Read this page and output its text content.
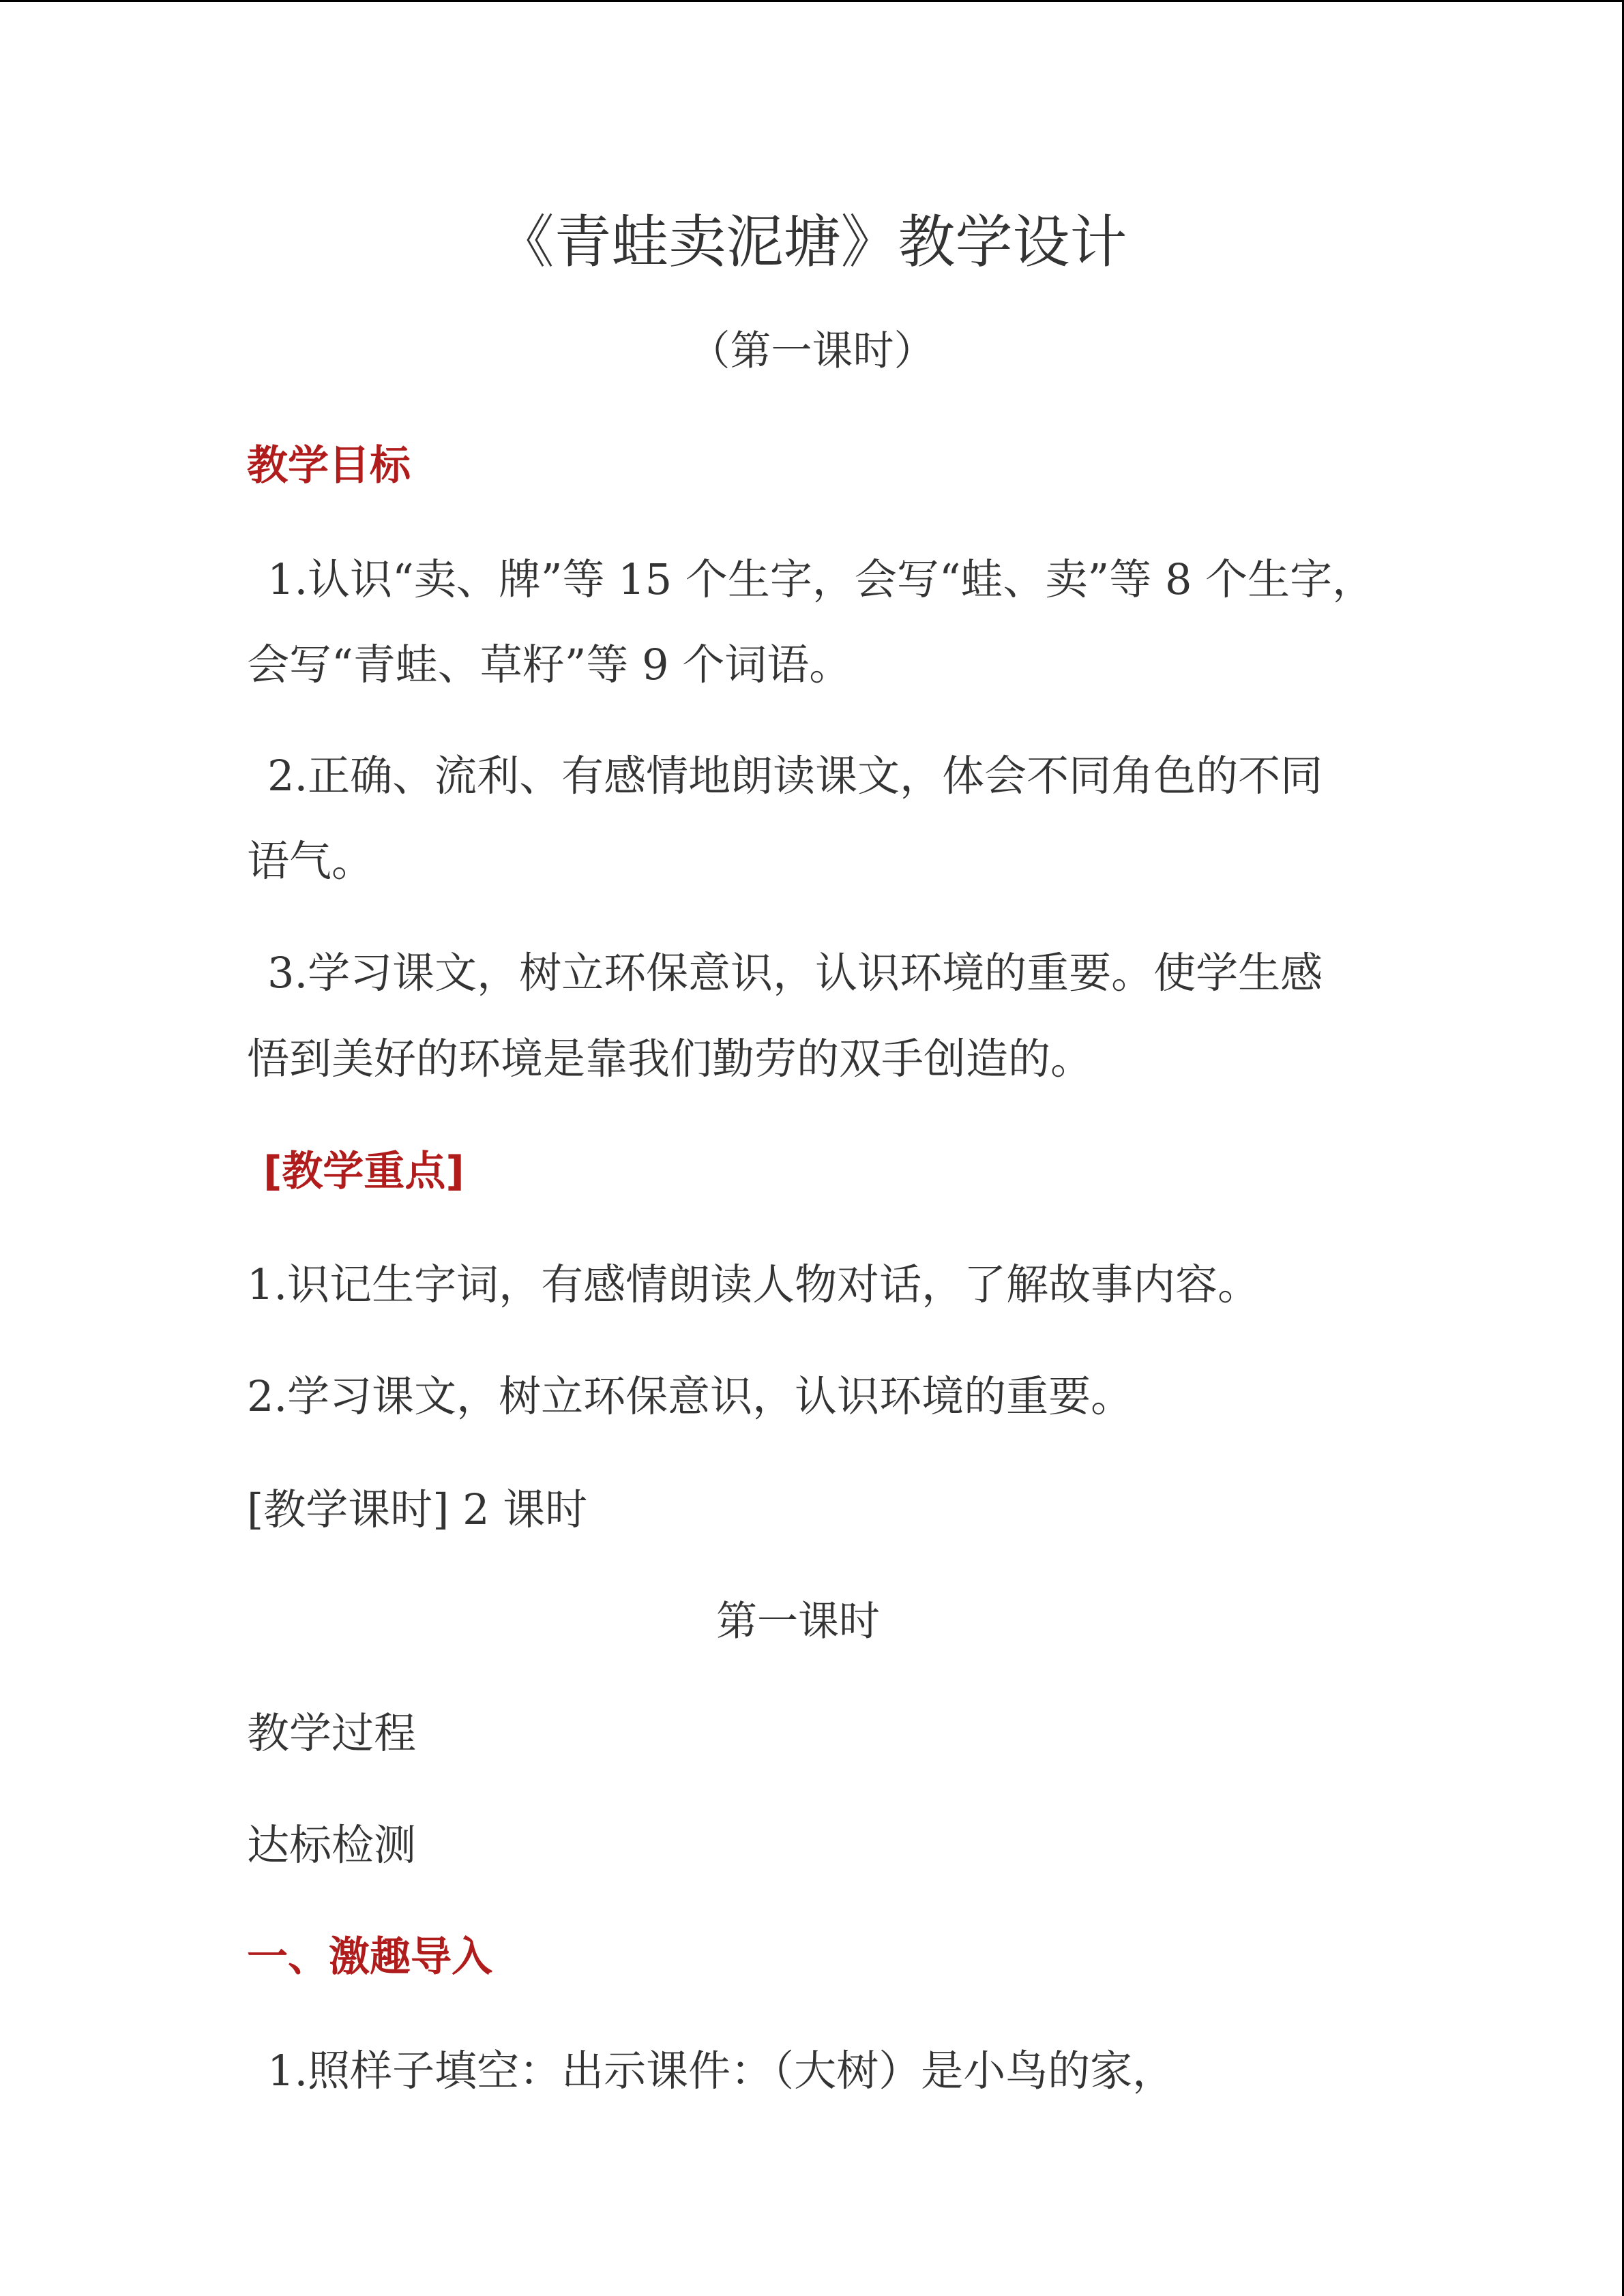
《青蛙卖泥塘》教学设计
（第一课时）
教学目标
1.认识“卖、牌”等 15 个生字，会写“蛙、卖”等 8 个生字，
会写“青蛙、草籽”等 9 个词语。
2.正确、流利、有感情地朗读课文，体会不同角色的不同
语气。
3.学习课文，树立环保意识，认识环境的重要。使学生感
悟到美好的环境是靠我们勤劳的双手创造的。
[教学重点]
1.识记生字词，有感情朗读人物对话，了解故事内容。
2.学习课文，树立环保意识，认识环境的重要。
[教学课时] 2 课时
第一课时
教学过程
达标检测
一、激趣导入
1.照样子填空：出示课件：（大树）是小鸟的家，
